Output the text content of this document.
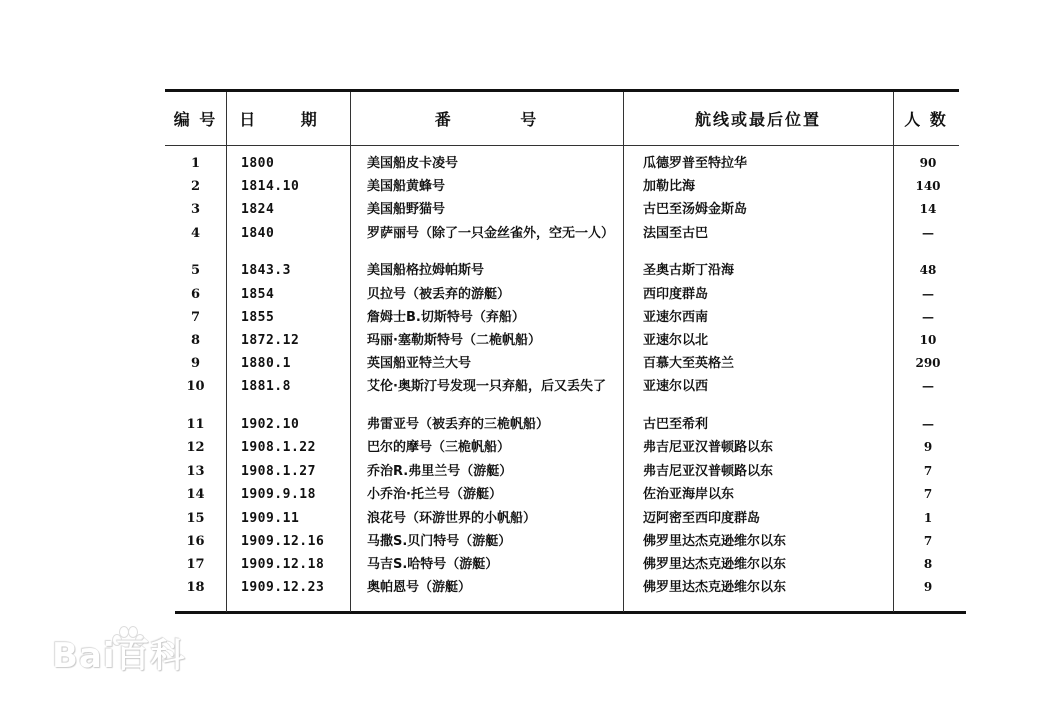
编 号	日 期	番 号	航线或最后位置	人 数
1	1800	美国船皮卡凌号	瓜德罗普至特拉华	90
2	1814.10	美国船黄蜂号	加勒比海	140
3	1824	美国船野猫号	古巴至汤姆金斯岛	14
4	1840	罗萨丽号（除了一只金丝雀外，空无一人）	法国至古巴	—
5	1843.3	美国船格拉姆帕斯号	圣奥古斯丁沿海	48
6	1854	贝拉号（被丢弃的游艇）	西印度群岛	—
7	1855	詹姆士B.切斯特号（弃船）	亚速尔西南	—
8	1872.12	玛丽·塞勒斯特号（二桅帆船）	亚速尔以北	10
9	1880.1	英国船亚特兰大号	百慕大至英格兰	290
10	1881.8	艾伦·奥斯汀号发现一只弃船，后又丢失了	亚速尔以西	—
11	1902.10	弗雷亚号（被丢弃的三桅帆船）	古巴至希利	—
12	1908.1.22	巴尔的摩号（三桅帆船）	弗吉尼亚汉普顿路以东	9
13	1908.1.27	乔治R.弗里兰号（游艇）	弗吉尼亚汉普顿路以东	7
14	1909.9.18	小乔治·托兰号（游艇）	佐治亚海岸以东	7
15	1909.11	浪花号（环游世界的小帆船）	迈阿密至西印度群岛	1
16	1909.12.16	马撒S.贝门特号（游艇）	佛罗里达杰克逊维尔以东	7
17	1909.12.18	马吉S.哈特号（游艇）	佛罗里达杰克逊维尔以东	8
18	1909.12.23	奥帕恩号（游艇）	佛罗里达杰克逊维尔以东	9
Bai百科
